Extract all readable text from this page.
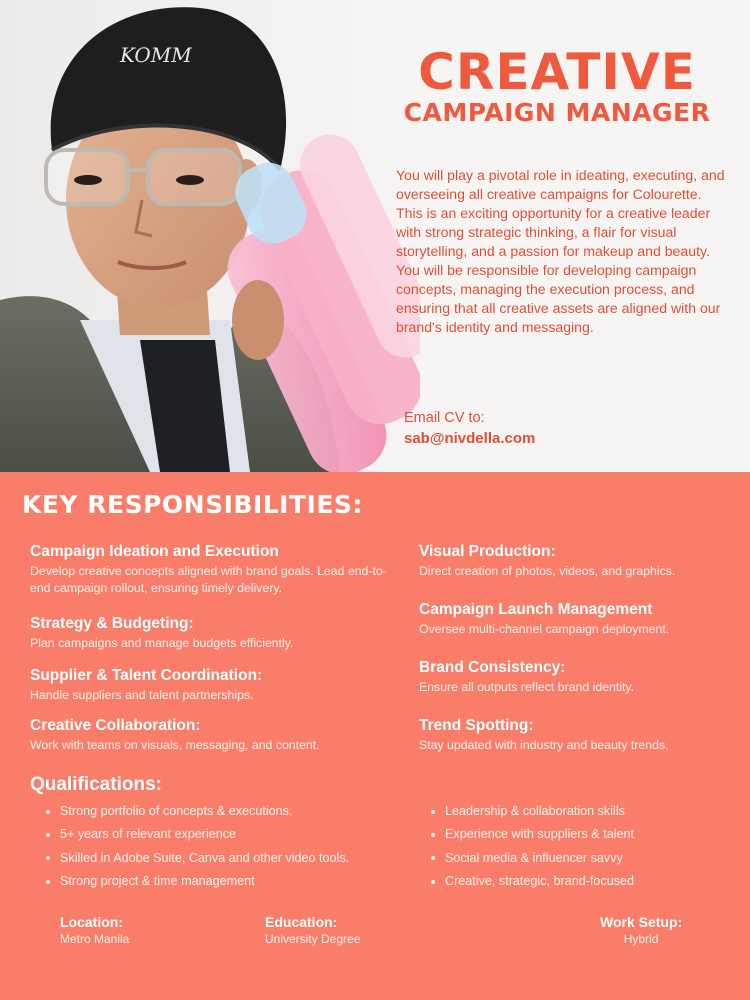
KOMM	CREATIVE
CAMPAIGN MANAGER

You will play a pivotal role in ideating, executing, and overseeing all creative campaigns for Colourette. This is an exciting opportunity for a creative leader with strong strategic thinking, a flair for visual storytelling, and a passion for makeup and beauty. You will be responsible for developing campaign concepts, managing the execution process, and ensuring that all creative assets are aligned with our brand's identity and messaging.

Email CV to:
sab@nivdella.com
KEY RESPONSIBILITIES:
Campaign Ideation and Execution
Develop creative concepts aligned with brand goals. Lead end-to-end campaign rollout, ensuring timely delivery.
Strategy & Budgeting:
Plan campaigns and manage budgets efficiently.
Supplier & Talent Coordination:
Handle suppliers and talent partnerships.
Creative Collaboration:
Work with teams on visuals, messaging, and content.
Visual Production:
Direct creation of photos, videos, and graphics.
Campaign Launch Management
Oversee multi-channel campaign deployment.
Brand Consistency:
Ensure all outputs reflect brand identity.
Trend Spotting:
Stay updated with industry and beauty trends.
Qualifications:
Strong portfolio of concepts & executions.
5+ years of relevant experience
Skilled in Adobe Suite, Canva and other video tools.
Strong project & time management
Leadership & collaboration skills
Experience with suppliers & talent
Social media & influencer savvy
Creative, strategic, brand-focused
Location:
Metro Manila
Education:
University Degree
Work Setup:
Hybrid
